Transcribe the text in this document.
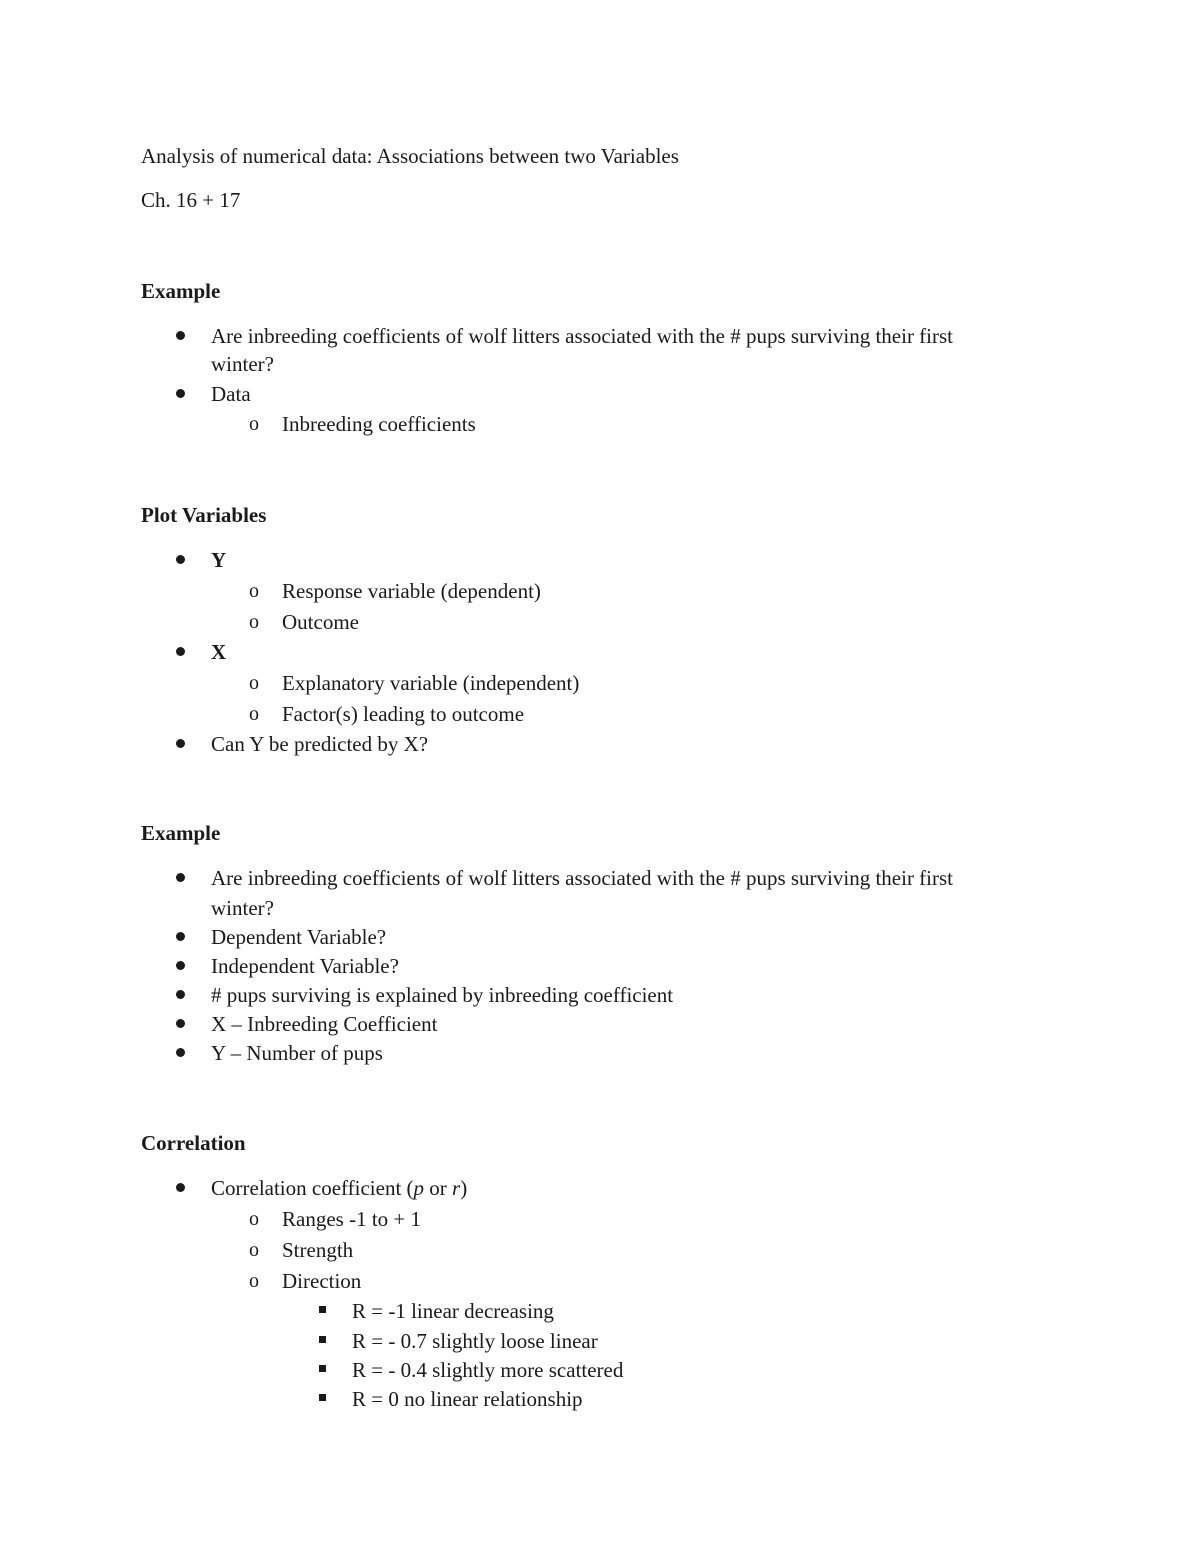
Analysis of numerical data: Associations between two Variables
Ch. 16 + 17
Example
Are inbreeding coefficients of wolf litters associated with the # pups surviving their first
winter?
Data
o Inbreeding coefficients
Plot Variables
Y
o Response variable (dependent)
o Outcome
X
o Explanatory variable (independent)
o Factor(s) leading to outcome
Can Y be predicted by X?
Example
Are inbreeding coefficients of wolf litters associated with the # pups surviving their first
winter?
Dependent Variable?
Independent Variable?
# pups surviving is explained by inbreeding coefficient
X – Inbreeding Coefficient
Y – Number of pups
Correlation
Correlation coefficient (p or r)
o Ranges -1 to + 1
o Strength
o Direction
R = -1 linear decreasing
R = - 0.7 slightly loose linear
R = - 0.4 slightly more scattered
R = 0 no linear relationship
